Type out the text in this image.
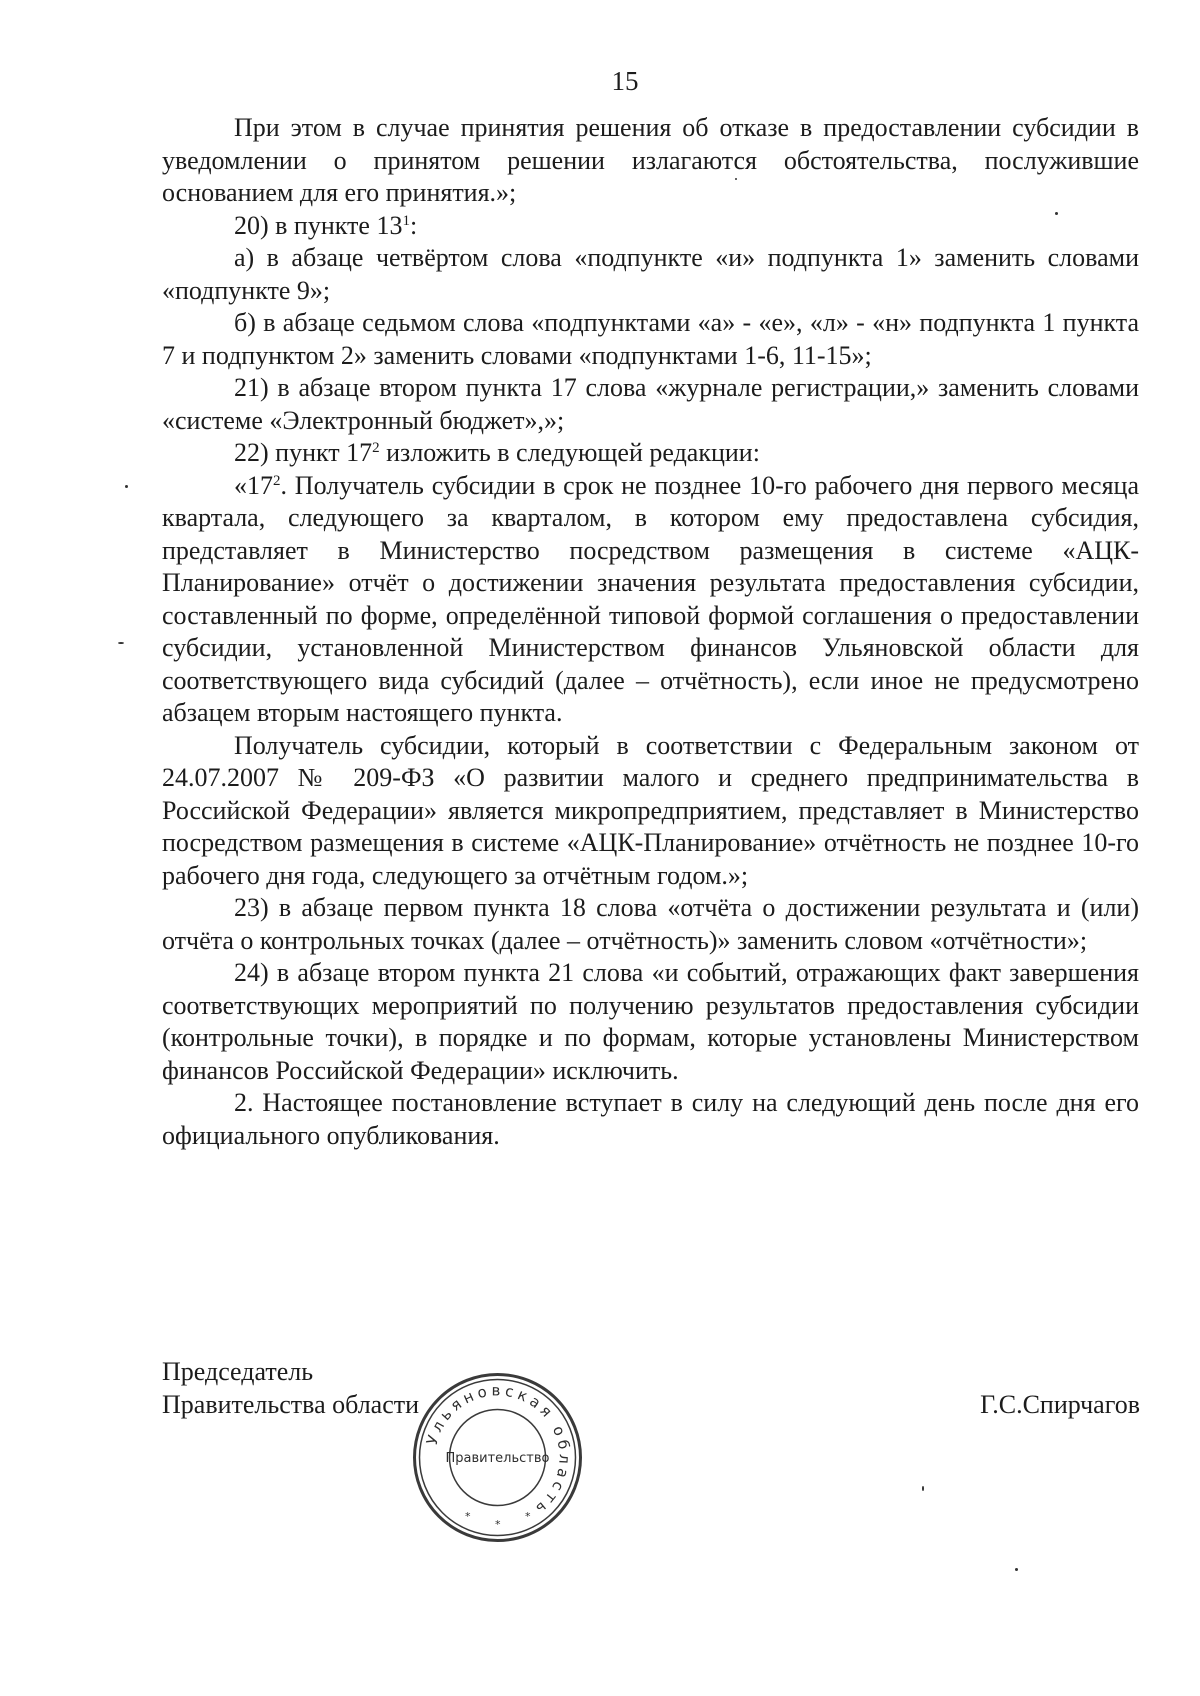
15

При этом в случае принятия решения об отказе в предоставлении субсидии в уведомлении о принятом решении излагаются обстоятельства, послужившие основанием для его принятия.»;

20) в пункте $13^1$:

а) в абзаце четвёртом слова «подпункте «и» подпункта 1» заменить словами «подпункте 9»;

б) в абзаце седьмом слова «подпунктами «а» - «е», «л» - «н» подпункта 1 пункта 7 и подпунктом 2» заменить словами «подпунктами 1-6, 11-15»;

21) в абзаце втором пункта 17 слова «журнале регистрации,» заменить словами «системе «Электронный бюджет»,»;

22) пункт $17^2$ изложить в следующей редакции:

«$17^2$. Получатель субсидии в срок не позднее 10-го рабочего дня первого месяца квартала, следующего за кварталом, в котором ему предоставлена субсидия, представляет в Министерство посредством размещения в системе «АЦК-Планирование» отчёт о достижении значения результата предоставления субсидии, составленный по форме, определённой типовой формой соглашения о предоставлении субсидии, установленной Министерством финансов Ульяновской области для соответствующего вида субсидий (далее – отчётность), если иное не предусмотрено абзацем вторым настоящего пункта.

Получатель субсидии, который в соответствии с Федеральным законом от 24.07.2007 № 209-ФЗ «О развитии малого и среднего предпринимательства в Российской Федерации» является микропредприятием, представляет в Министерство посредством размещения в системе «АЦК-Планирование» отчётность не позднее 10-го рабочего дня года, следующего за отчётным годом.»;

23) в абзаце первом пункта 18 слова «отчёта о достижении результата и (или) отчёта о контрольных точках (далее – отчётность)» заменить словом «отчётности»;

24) в абзаце втором пункта 21 слова «и событий, отражающих факт завершения соответствующих мероприятий по получению результатов предоставления субсидии (контрольные точки), в порядке и по формам, которые установлены Министерством финансов Российской Федерации» исключить.

2. Настоящее постановление вступает в силу на следующий день после дня его официального опубликования.

Председатель
Правительства области	Г.С.Спирчагов
Ульяновская область
Правительство
*
*
*
